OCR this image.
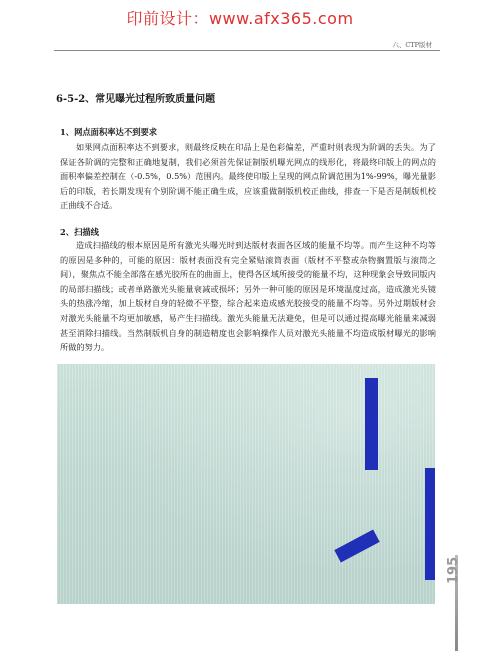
印前设计：www.afx365.com
六、CTP版材
6-5-2、常见曝光过程所致质量问题
1、网点面积率达不到要求

如果网点面积率达不到要求，则最终反映在印品上是色彩偏差，严重时则表现为阶调的丢失。为了保证各阶调的完整和正确地复制，我们必须首先保证制版机曝光网点的线形化，将最终印版上的网点的面积率偏差控制在（-0.5%，0.5%）范围内。最终使印版上呈现的网点阶调范围为1%-99%，曝光量影后的印版，若长期发现有个别阶调不能正确生成，应该重做制版机校正曲线，排查一下是否是制版机校正曲线不合适。

2、扫描线

造成扫描线的根本原因是所有激光头曝光时到达版材表面各区域的能量不均等。而产生这种不均等的原因是多种的，可能的原因：版材表面没有完全紧贴滚筒表面（版材不平整或杂物搁置版与滚筒之间），聚焦点不能全部落在感光胶所在的曲面上，使得各区域所接受的能量不均，这种现象会导致同版内的局部扫描线；或者单路激光头能量衰减或损坏；另外一种可能的原因是环境温度过高，造成激光头镜头的热涨冷缩，加上版材自身的轻微不平整，综合起来造成感光胶接受的能量不均等。另外过期版材会对激光头能量不均更加敏感，易产生扫描线。激光头能量无法避免，但是可以通过提高曝光能量来减弱甚至消除扫描线。当然制版机自身的制造精度也会影响操作人员对激光头能量不均造成版材曝光的影响所做的努力。

195
